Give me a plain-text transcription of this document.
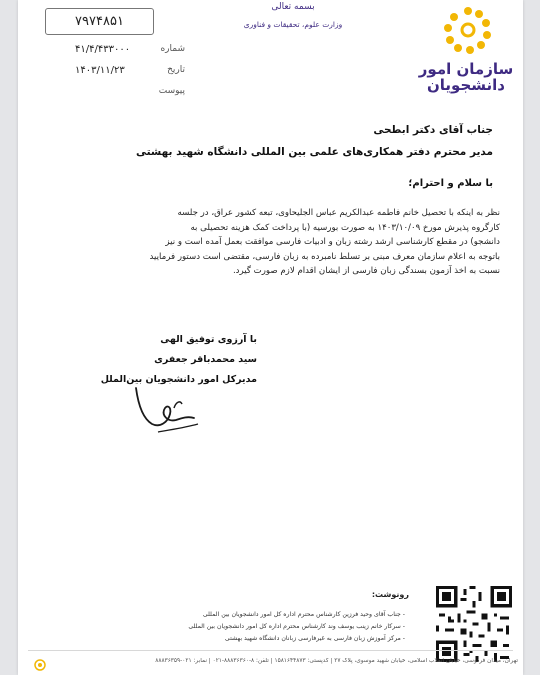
سازمان امور
دانشجویان
بسمه تعالی
وزارت علوم، تحقیقات و فناوری
۷۹۷۴۸۵۱
۴۱/۴/۴۳۳۰۰۰	شماره
۱۴۰۳/۱۱/۲۳	تاریخ
پیوست
جناب آقای دکتر ابطحی
مدیر محترم دفتر همکاری‌های علمی بین المللی دانشگاه شهید بهشتی
با سلام و احترام؛
نظر به اینکه با تحصیل خانم فاطمه عبدالکریم عباس الجلیحاوی، تبعه کشور عراق، در جلسه
کارگروه پذیرش مورخ ۱۴۰۳/۱۰/۰۹ به صورت بورسیه (با پرداخت کمک هزینه تحصیلی به
دانشجو) در مقطع کارشناسی ارشد رشته زبان و ادبیات فارسی موافقت بعمل آمده است و نیز
باتوجه به اعلام سازمان معرف مبنی بر تسلط نامبرده به زبان فارسی، مقتضی است دستور فرمایید
نسبت به اخذ آزمون بسندگی زبان فارسی از ایشان اقدام لازم صورت گیرد.
با آرزوی توفیق الهی
سید محمدباقر جعفری
مدیرکل امور دانشجویان بین‌الملل
رونوشت:
- جناب آقای وحید فرزین کارشناس محترم اداره کل امور دانشجویان بین المللی
- سرکار خانم زینب یوسف وند کارشناس محترم اداره کل امور دانشجویان بین المللی
- مرکز آموزش زبان فارسی به غیرفارسی زبانان دانشگاه شهید بهشتی
تهران، میدان فردوسی، خیابان انقلاب اسلامی، خیابان شهید موسوی، پلاک ۲۷ | کدپستی: ۱۵۸۱۶۴۴۸۷۳ | تلفن: ۸-۸۸۸۳۶۳۶۰-۰۲۱ | نمابر: ۰۲۱-۸۸۸۳۶۳۵۹
